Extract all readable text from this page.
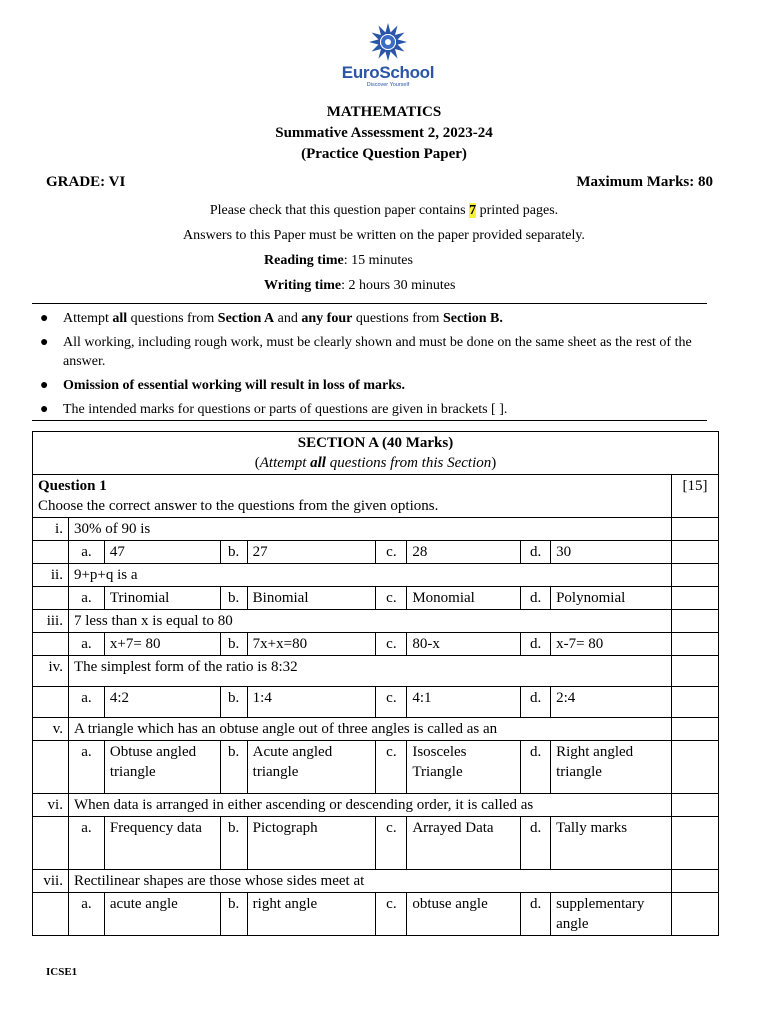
EuroSchool
Discover Yourself
MATHEMATICS
Summative Assessment 2, 2023-24
(Practice Question Paper)
GRADE: VI	Maximum Marks: 80
Please check that this question paper contains 7 printed pages.
Answers to this Paper must be written on the paper provided separately.
Reading time: 15 minutes
Writing time: 2 hours 30 minutes
● Attempt all questions from Section A and any four questions from Section B.
● All working, including rough work, must be clearly shown and must be done on the same sheet as the rest of the answer.
● Omission of essential working will result in loss of marks.
● The intended marks for questions or parts of questions are given in brackets [ ].
SECTION A (40 Marks)
(Attempt all questions from this Section)									

Question 1
Choose the correct answer to the questions from the given options.									[15]
i.	30% of 90 is								
	a.	47	b.	27	c.	28	d.	30	
ii.	9+p+q is a								
	a.	Trinomial	b.	Binomial	c.	Monomial	d.	Polynomial	
iii.	7 less than x is equal to 80								
	a.	x+7= 80	b.	7x+x=80	c.	80-x	d.	x-7= 80	
iv.	The simplest form of the ratio is 8:32								
	a.	4:2	b.	1:4	c.	4:1	d.	2:4	
v.	A triangle which has an obtuse angle out of three angles is called as an								
	a.	Obtuse angled triangle	b.	Acute angled triangle	c.	Isosceles Triangle	d.	Right angled triangle	
vi.	When data is arranged in either ascending or descending order, it is called as								
	a.	Frequency data	b.	Pictograph	c.	Arrayed Data	d.	Tally marks	
vii.	Rectilinear shapes are those whose sides meet at								
	a.	acute angle	b.	right angle	c.	obtuse angle	d.	supplementary angle	
ICSE1
